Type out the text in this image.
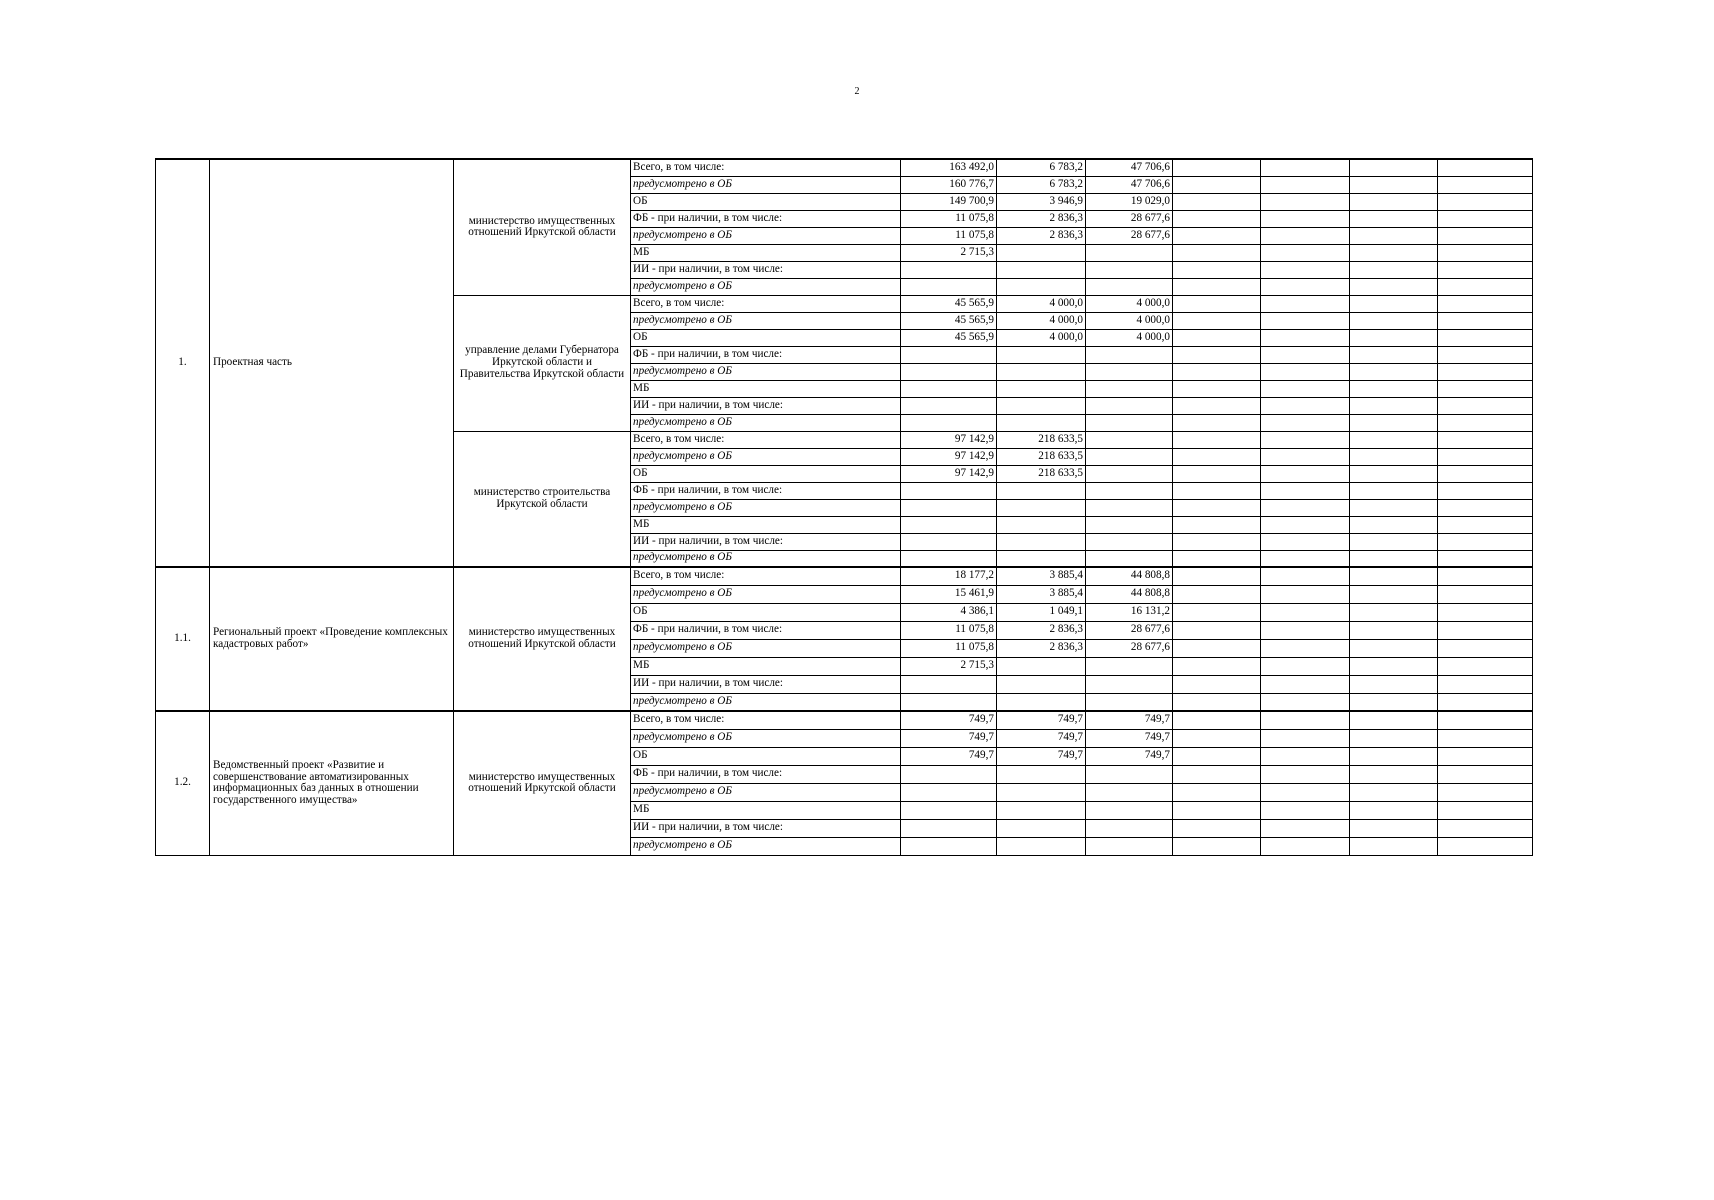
2
1.	Проектная часть	министерство имущественных отношений Иркутской области	Всего, в том числе:	163 492,0	6 783,2	47 706,6				
			предусмотрено в ОБ	160 776,7	6 783,2	47 706,6				
			ОБ	149 700,9	3 946,9	19 029,0				
			ФБ - при наличии, в том числе:	11 075,8	2 836,3	28 677,6				
			предусмотрено в ОБ	11 075,8	2 836,3	28 677,6				
			МБ	2 715,3						
			ИИ - при наличии, в том числе:							
			предусмотрено в ОБ							
		управление делами Губернатора Иркутской области и Правительства Иркутской области	Всего, в том числе:	45 565,9	4 000,0	4 000,0				
			предусмотрено в ОБ	45 565,9	4 000,0	4 000,0				
			ОБ	45 565,9	4 000,0	4 000,0				
			ФБ - при наличии, в том числе:							
			предусмотрено в ОБ							
			МБ							
			ИИ - при наличии, в том числе:							
			предусмотрено в ОБ							
		министерство строительства Иркутской области	Всего, в том числе:	97 142,9	218 633,5					
			предусмотрено в ОБ	97 142,9	218 633,5					
			ОБ	97 142,9	218 633,5					
			ФБ - при наличии, в том числе:							
			предусмотрено в ОБ							
			МБ							
			ИИ - при наличии, в том числе:							
			предусмотрено в ОБ							
1.1.	Региональный проект «Проведение комплексных кадастровых работ»	министерство имущественных отношений Иркутской области	Всего, в том числе:	18 177,2	3 885,4	44 808,8				
			предусмотрено в ОБ	15 461,9	3 885,4	44 808,8				
			ОБ	4 386,1	1 049,1	16 131,2				
			ФБ - при наличии, в том числе:	11 075,8	2 836,3	28 677,6				
			предусмотрено в ОБ	11 075,8	2 836,3	28 677,6				
			МБ	2 715,3						
			ИИ - при наличии, в том числе:							
			предусмотрено в ОБ							
1.2.	Ведомственный проект «Развитие и совершенствование автоматизированных информационных баз данных в отношении государственного имущества»	министерство имущественных отношений Иркутской области	Всего, в том числе:	749,7	749,7	749,7				
			предусмотрено в ОБ	749,7	749,7	749,7				
			ОБ	749,7	749,7	749,7				
			ФБ - при наличии, в том числе:							
			предусмотрено в ОБ							
			МБ							
			ИИ - при наличии, в том числе:							
			предусмотрено в ОБ							
